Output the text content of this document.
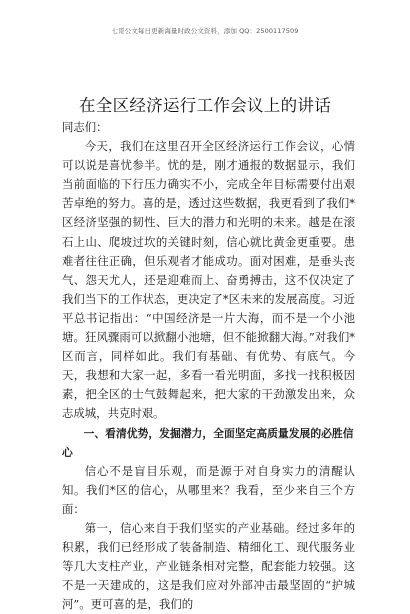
七哥公文每日更新海量时政公文资料，添加 QQ：2500117509
在全区经济运行工作会议上的讲话

同志们：

今天，我们在这里召开全区经济运行工作会议，心情可以说是喜忧参半。忧的是，刚才通报的数据显示，我们当前面临的下行压力确实不小，完成全年目标需要付出艰苦卓绝的努力。喜的是，透过这些数据，我更看到了我们*区经济坚强的韧性、巨大的潜力和光明的未来。越是在滚石上山、爬坡过坎的关键时刻，信心就比黄金更重要。患难者往往正确，但乐观者才能成功。面对困难，是垂头丧气、怨天尤人，还是迎难而上、奋勇搏击，这不仅决定了我们当下的工作状态，更决定了*区未来的发展高度。习近平总书记指出：“中国经济是一片大海，而不是一个小池塘。狂风骤雨可以掀翻小池塘，但不能掀翻大海。”对我们*区而言，同样如此。我们有基础、有优势、有底气。今天，我想和大家一起，多看一看光明面，多找一找积极因素，把全区的士气鼓舞起来，把大家的干劲激发出来，众志成城，共克时艰。

一、看清优势，发掘潜力，全面坚定高质量发展的必胜信心

信心不是盲目乐观，而是源于对自身实力的清醒认知。我们*区的信心，从哪里来？我看，至少来自三个方面：

第一，信心来自于我们坚实的产业基础。经过多年的积累，我们已经形成了装备制造、精细化工、现代服务业等几大支柱产业，产业链条相对完整，配套能力较强。这不是一天建成的，这是我们应对外部冲击最坚固的“护城河”。更可喜的是，我们的
